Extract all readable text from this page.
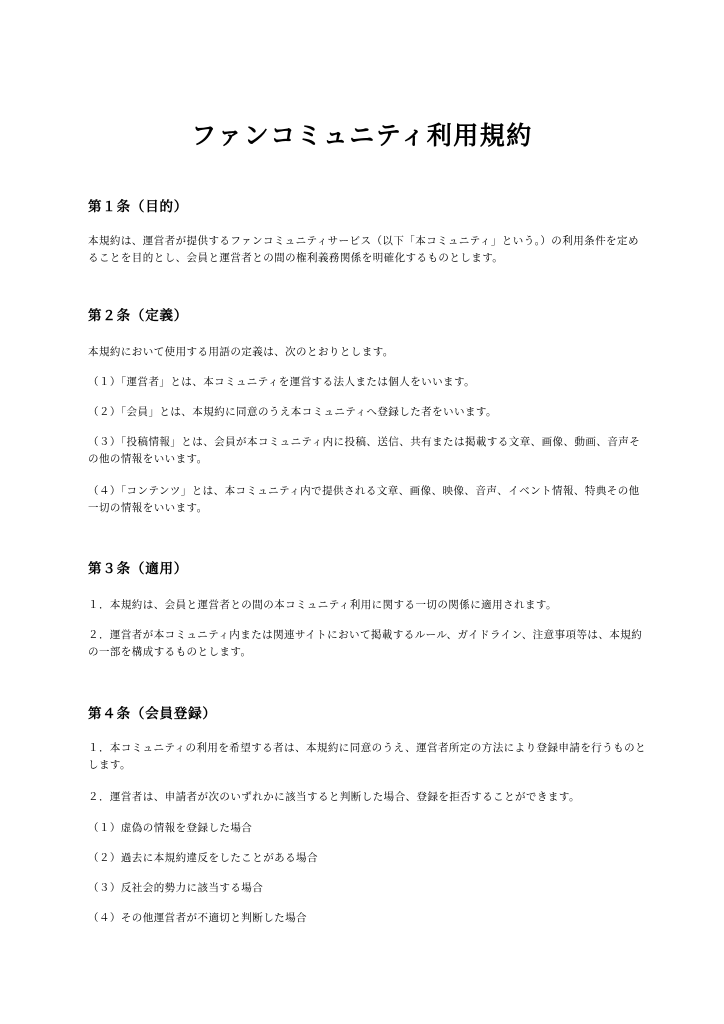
ファンコミュニティ利用規約
第１条（目的）
本規約は、運営者が提供するファンコミュニティサービス（以下「本コミュニティ」という。）の利用条件を定めることを目的とし、会員と運営者との間の権利義務関係を明確化するものとします。
第２条（定義）
本規約において使用する用語の定義は、次のとおりとします。
（１）「運営者」とは、本コミュニティを運営する法人または個人をいいます。
（２）「会員」とは、本規約に同意のうえ本コミュニティへ登録した者をいいます。
（３）「投稿情報」とは、会員が本コミュニティ内に投稿、送信、共有または掲載する文章、画像、動画、音声その他の情報をいいます。
（４）「コンテンツ」とは、本コミュニティ内で提供される文章、画像、映像、音声、イベント情報、特典その他一切の情報をいいます。
第３条（適用）
１．本規約は、会員と運営者との間の本コミュニティ利用に関する一切の関係に適用されます。
２．運営者が本コミュニティ内または関連サイトにおいて掲載するルール、ガイドライン、注意事項等は、本規約の一部を構成するものとします。
第４条（会員登録）
１．本コミュニティの利用を希望する者は、本規約に同意のうえ、運営者所定の方法により登録申請を行うものとします。
２．運営者は、申請者が次のいずれかに該当すると判断した場合、登録を拒否することができます。
（１）虚偽の情報を登録した場合
（２）過去に本規約違反をしたことがある場合
（３）反社会的勢力に該当する場合
（４）その他運営者が不適切と判断した場合
